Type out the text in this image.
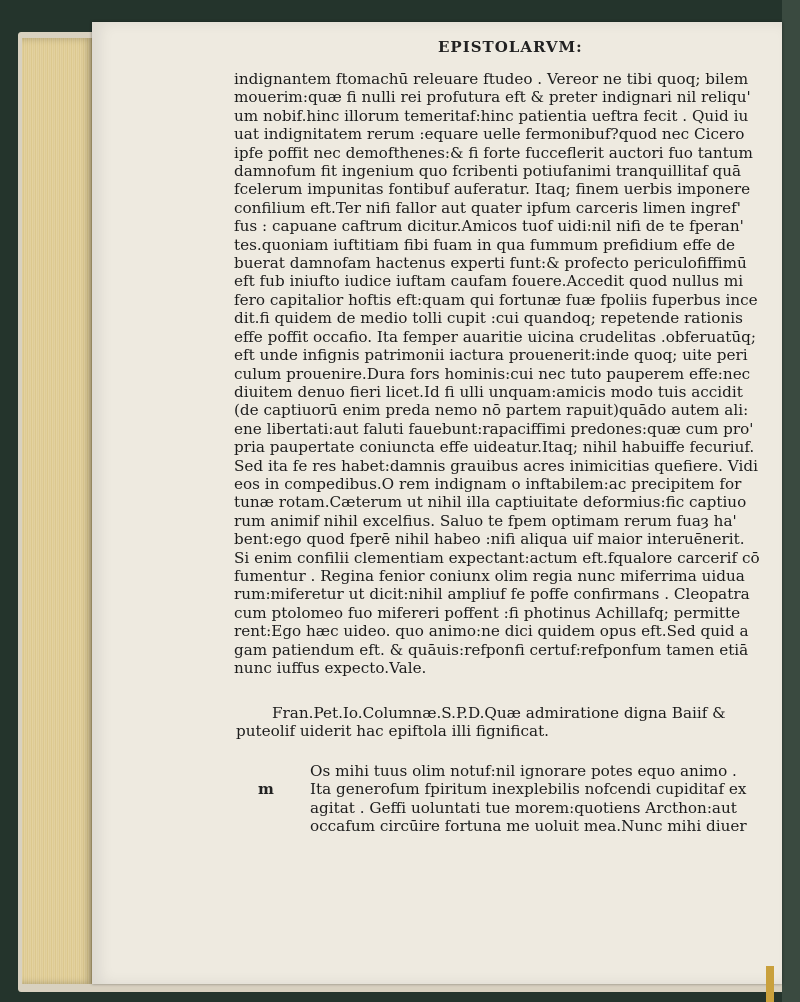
EPISTOLARVM:
indignantem ftomachū releuare ftudeo . Vereor ne tibi quoq; bilem
mouerim:quæ fi nulli rei profutura eft & preter indignari nil reliqu'
um nobif.hinc illorum temeritaf:hinc patientia ueftra fecit . Quid iu
uat indignitatem rerum :equare uelle fermonibuf?quod nec Cicero
ipfe poffit nec demofthenes:& fi forte fucceflerit auctori fuo tantum
damnofum fit ingenium quo fcribenti potiufanimi tranquillitaf quā
fcelerum impunitas fontibuf auferatur. Itaq; finem uerbis imponere
confilium eft.Ter nifi fallor aut quater ipfum carceris limen ingref'
fus : capuane caftrum dicitur.Amicos tuof uidi:nil nifi de te fperan'
tes.quoniam iuftitiam fibi fuam in qua fummum prefidium effe de
buerat damnofam hactenus experti funt:& profecto periculofiffimū
eft fub iniufto iudice iuftam caufam fouere.Accedit quod nullus mi
fero capitalior hoftis eft:quam qui fortunæ fuæ fpoliis fuperbus ince
dit.fi quidem de medio tolli cupit :cui quandoq; repetende rationis
effe poffit occafio. Ita femper auaritie uicina crudelitas .obferuatūq;
eft unde infignis patrimonii iactura prouenerit:inde quoq; uite peri
culum prouenire.Dura fors hominis:cui nec tuto pauperem effe:nec
diuitem denuo fieri licet.Id fi ulli unquam:amicis modo tuis accidit
(de captiuorū enim preda nemo nō partem rapuit)quādo autem ali:
ene libertati:aut faluti fauebunt:rapaciffimi predones:quæ cum pro'
pria paupertate coniuncta effe uideatur.Itaq; nihil habuiffe fecuriuf.
Sed ita fe res habet:damnis grauibus acres inimicitias quefiere. Vidi
eos in compedibus.O rem indignam o inftabilem:ac precipitem for
tunæ rotam.Cæterum ut nihil illa captiuitate deformius:fic captiuo
rum animif nihil excelfius. Saluo te fpem optimam rerum fuaȝ ha'
bent:ego quod fperē nihil habeo :nifi aliqua uif maior interuēnerit.
Si enim confilii clementiam expectant:actum eft.fqualore carcerif cō
fumentur . Regina fenior coniunx olim regia nunc miferrima uidua
rum:miferetur ut dicit:nihil ampliuf fe poffe confirmans . Cleopatra
cum ptolomeo fuo mifereri poffent :fi photinus Achillafq; permitte
rent:Ego hæc uideo. quo animo:ne dici quidem opus eft.Sed quid a
gam patiendum eft. & quāuis:refponfi certuf:refponfum tamen etiā
nunc iuffus expecto.Vale.
Fran.Pet.Io.Columnæ.S.P.D.Quæ admiratione digna Baiif &
puteolif uiderit hac epiftola illi fignificat.
m
Os mihi tuus olim notuf:nil ignorare potes equo animo .
Ita generofum fpiritum inexplebilis nofcendi cupiditaf ex
agitat . Geffi uoluntati tue morem:quotiens Arcthon:aut
occafum circūire fortuna me uoluit mea.Nunc mihi diuer
